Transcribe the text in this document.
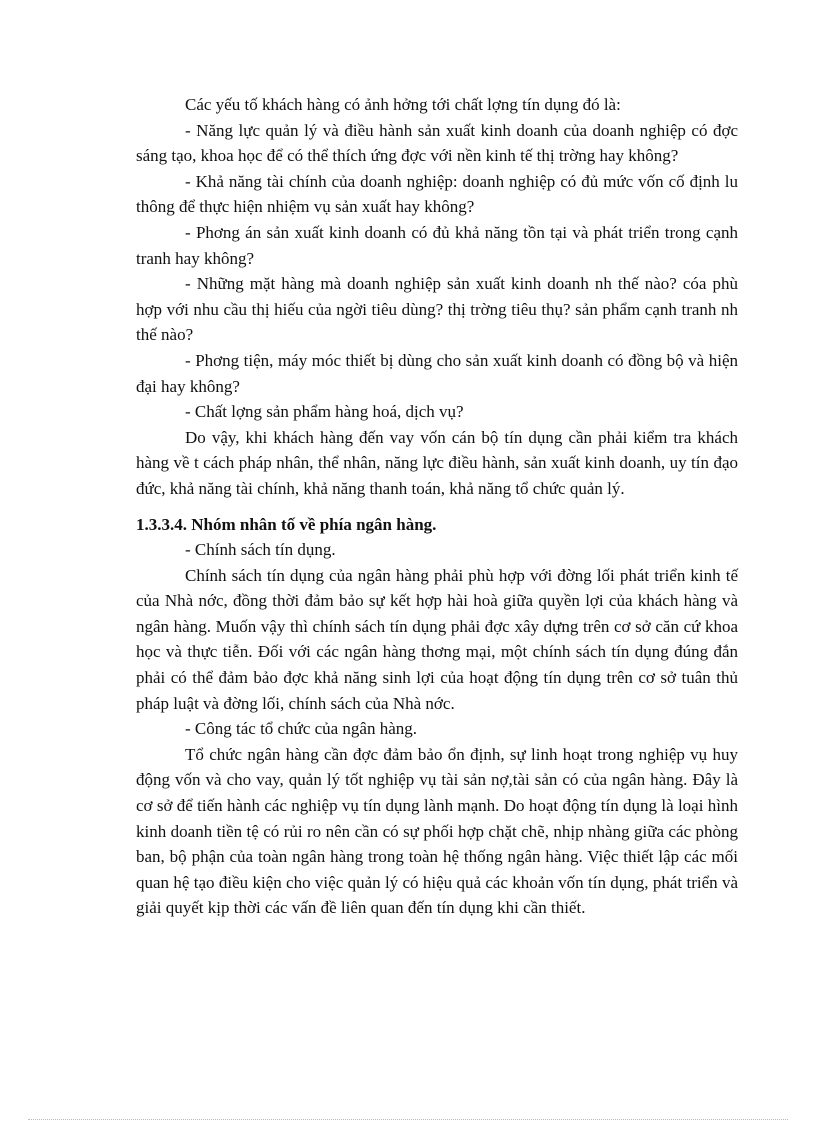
Các yếu tố khách hàng có ảnh hởng tới chất lợng tín dụng đó là:

- Năng lực quản lý và điều hành sản xuất kinh doanh của doanh nghiệp có đợc sáng tạo, khoa học để có thể thích ứng đợc với nền kinh tế thị trờng hay không?

- Khả năng tài chính của doanh nghiệp: doanh nghiệp có đủ mức vốn cố định lu thông để thực hiện nhiệm vụ sản xuất hay không?

- Phơng án sản xuất kinh doanh có đủ khả năng tồn tại và phát triển trong cạnh tranh hay không?

- Những mặt hàng mà doanh nghiệp sản xuất kinh doanh nh thế nào? cóa phù hợp với nhu cầu thị hiếu của ngời tiêu dùng? thị trờng tiêu thụ? sản phẩm cạnh tranh nh thế nào?

- Phơng tiện, máy móc thiết bị dùng cho sản xuất kinh doanh có đồng bộ và hiện đại hay không?

- Chất lợng sản phẩm hàng hoá, dịch vụ?

Do vậy, khi khách hàng đến vay vốn cán bộ tín dụng cần phải kiểm tra khách hàng về t cách pháp nhân, thể nhân, năng lực điều hành, sản xuất kinh doanh, uy tín đạo đức, khả năng tài chính, khả năng thanh toán, khả năng tổ chức quản lý.

1.3.3.4. Nhóm nhân tố về phía ngân hàng.

- Chính sách tín dụng.

Chính sách tín dụng của ngân hàng phải phù hợp với đờng lối phát triển kinh tế của Nhà nớc, đồng thời đảm bảo sự kết hợp hài hoà giữa quyền lợi của khách hàng và ngân hàng. Muốn vậy thì chính sách tín dụng phải đợc xây dựng trên cơ sở căn cứ khoa học và thực tiễn. Đối với các ngân hàng thơng mại, một chính sách tín dụng đúng đắn phải có thể đảm bảo đợc khả năng sinh lợi của hoạt động tín dụng trên cơ sở tuân thủ pháp luật và đờng lối, chính sách của Nhà nớc.

- Công tác tổ chức của ngân hàng.

Tổ chức ngân hàng cần đợc đảm bảo ổn định, sự linh hoạt trong nghiệp vụ huy động vốn và cho vay, quản lý tốt nghiệp vụ tài sản nợ,tài sản có của ngân hàng. Đây là cơ sở để tiến hành các nghiệp vụ tín dụng lành mạnh. Do hoạt động tín dụng là loại hình kinh doanh tiền tệ có rủi ro nên cần có sự phối hợp chặt chẽ, nhịp nhàng giữa các phòng ban, bộ phận của toàn ngân hàng trong toàn hệ thống ngân hàng. Việc thiết lập các mối quan hệ tạo điều kiện cho việc quản lý có hiệu quả các khoản vốn tín dụng, phát triển và giải quyết kịp thời các vấn đề liên quan đến tín dụng khi cần thiết.
